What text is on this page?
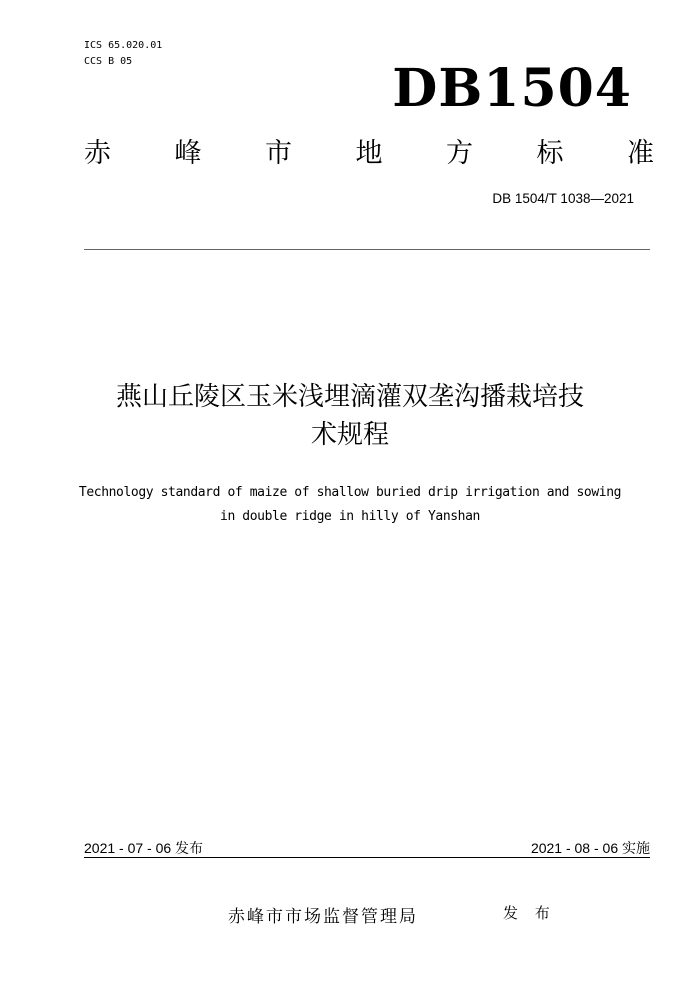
ICS 65.020.01
CCS B 05	DB1504
赤 峰 市 地 方 标 准
DB 1504/T 1038—2021
燕山丘陵区玉米浅埋滴灌双垄沟播栽培技
术规程
Technology standard of maize of shallow buried drip irrigation and sowing
in double ridge in hilly of Yanshan
2021 - 07 - 06 发布	2021 - 08 - 06 实施
赤峰市市场监督管理局	发 布
